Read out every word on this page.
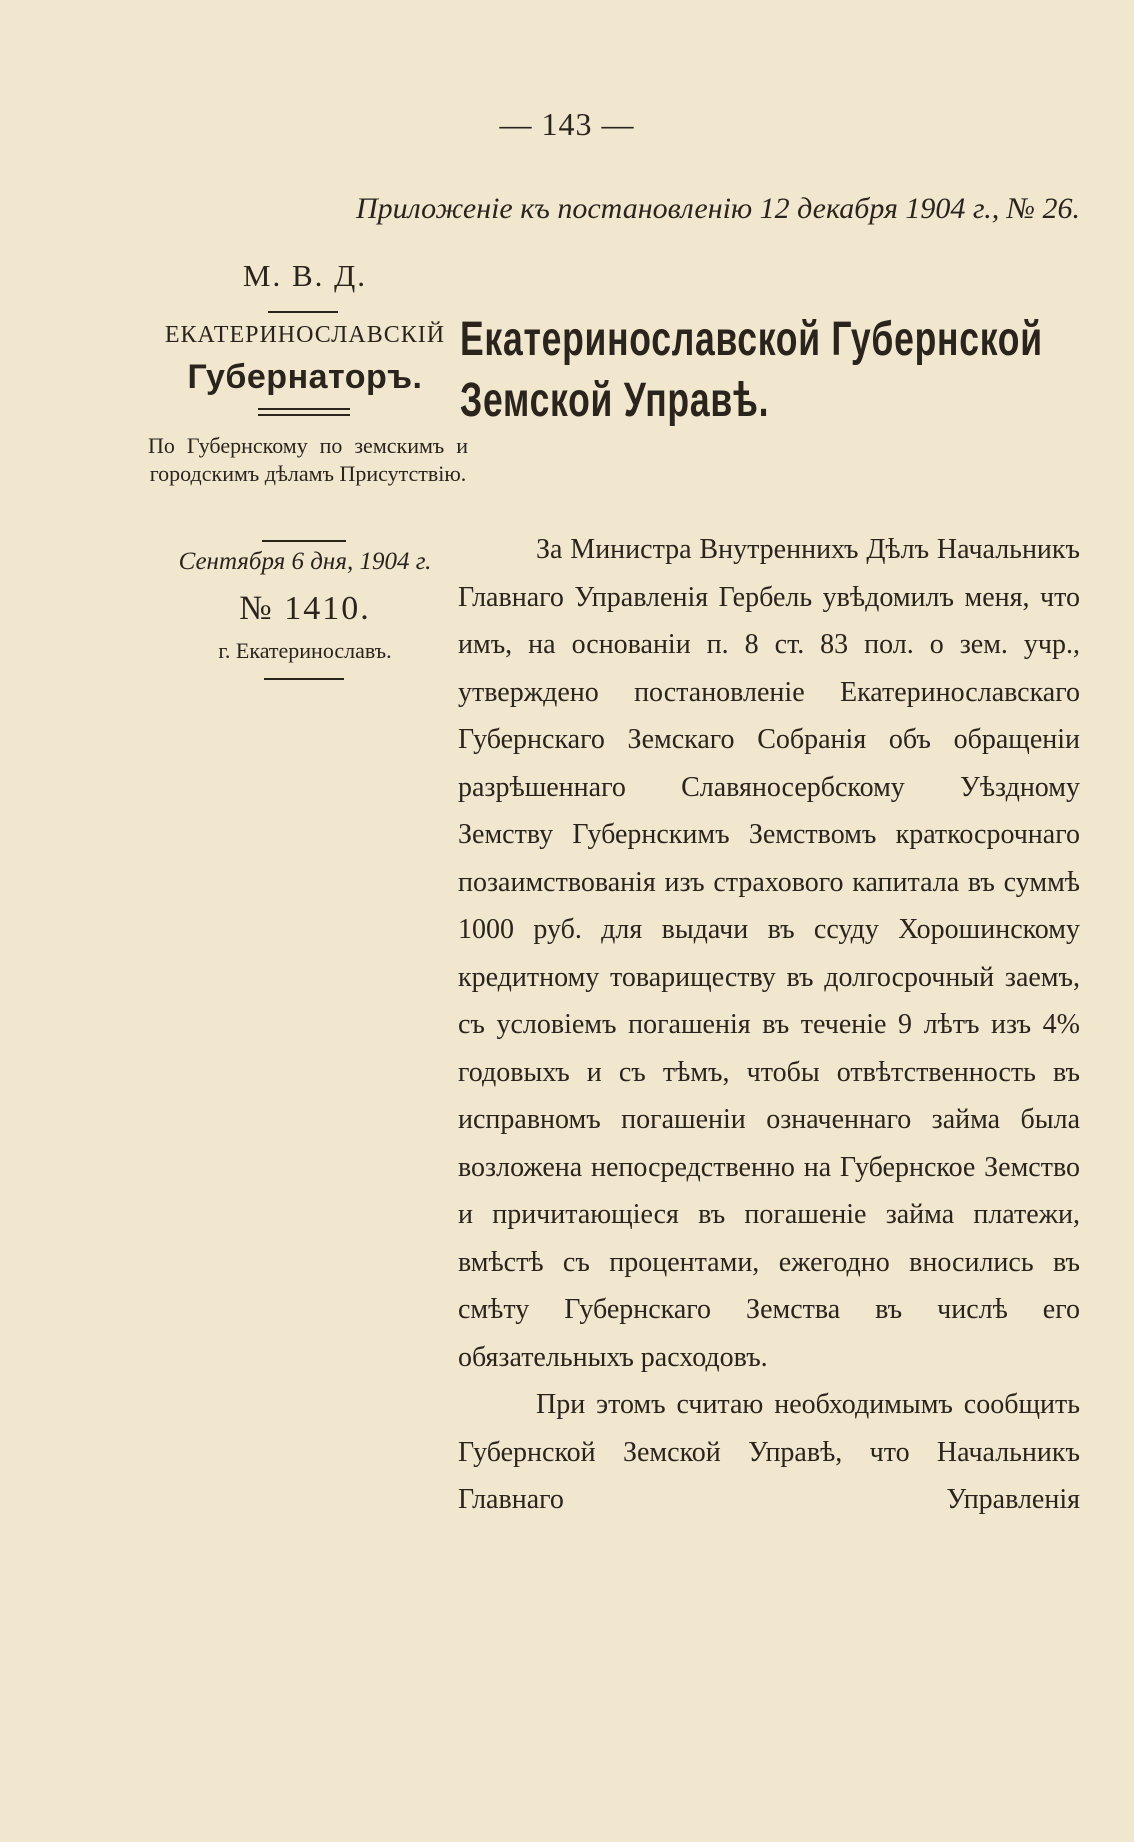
— 143 —
Приложенiе къ постановленiю 12 декабря 1904 г., № 26.
М. В. Д.
ЕКАТЕРИНОСЛАВСКIЙ
Губернаторъ.
По Губернскому по земскимъ и городскимъ дѣламъ Присутствiю.
Сентября 6 дня, 1904 г.
№ 1410.
г. Екатеринославъ.
Екатеринославской Губернской
Земской Управѣ.

За Министра Внутреннихъ Дѣлъ Начальникъ Главнаго Управленiя Гербель увѣдомилъ меня, что имъ, на основанiи п. 8 ст. 83 пол. о зем. учр., утверждено постановленiе Екатеринославскаго Губернскаго Земскаго Собранiя объ обращенiи разрѣшеннаго Славяносербскому Уѣздному Земству Губернскимъ Земствомъ краткосрочнаго позаимствованiя изъ страхового капитала въ суммѣ 1000 руб. для выдачи въ ссуду Хорошинскому кредитному товариществу въ долгосрочный заемъ, съ условiемъ погашенiя въ теченiе 9 лѣтъ изъ 4% годовыхъ и съ тѣмъ, чтобы отвѣтственность въ исправномъ погашенiи означеннаго займа была возложена непосредственно на Губернское Земство и причитающiеся въ погашенiе займа платежи, вмѣстѣ съ процентами, ежегодно вносились въ смѣту Губернскаго Земства въ числѣ его обязательныхъ расходовъ.

При этомъ считаю необходимымъ сообщить Губернской Земской Управѣ, что Начальникъ Главнаго Управленiя
